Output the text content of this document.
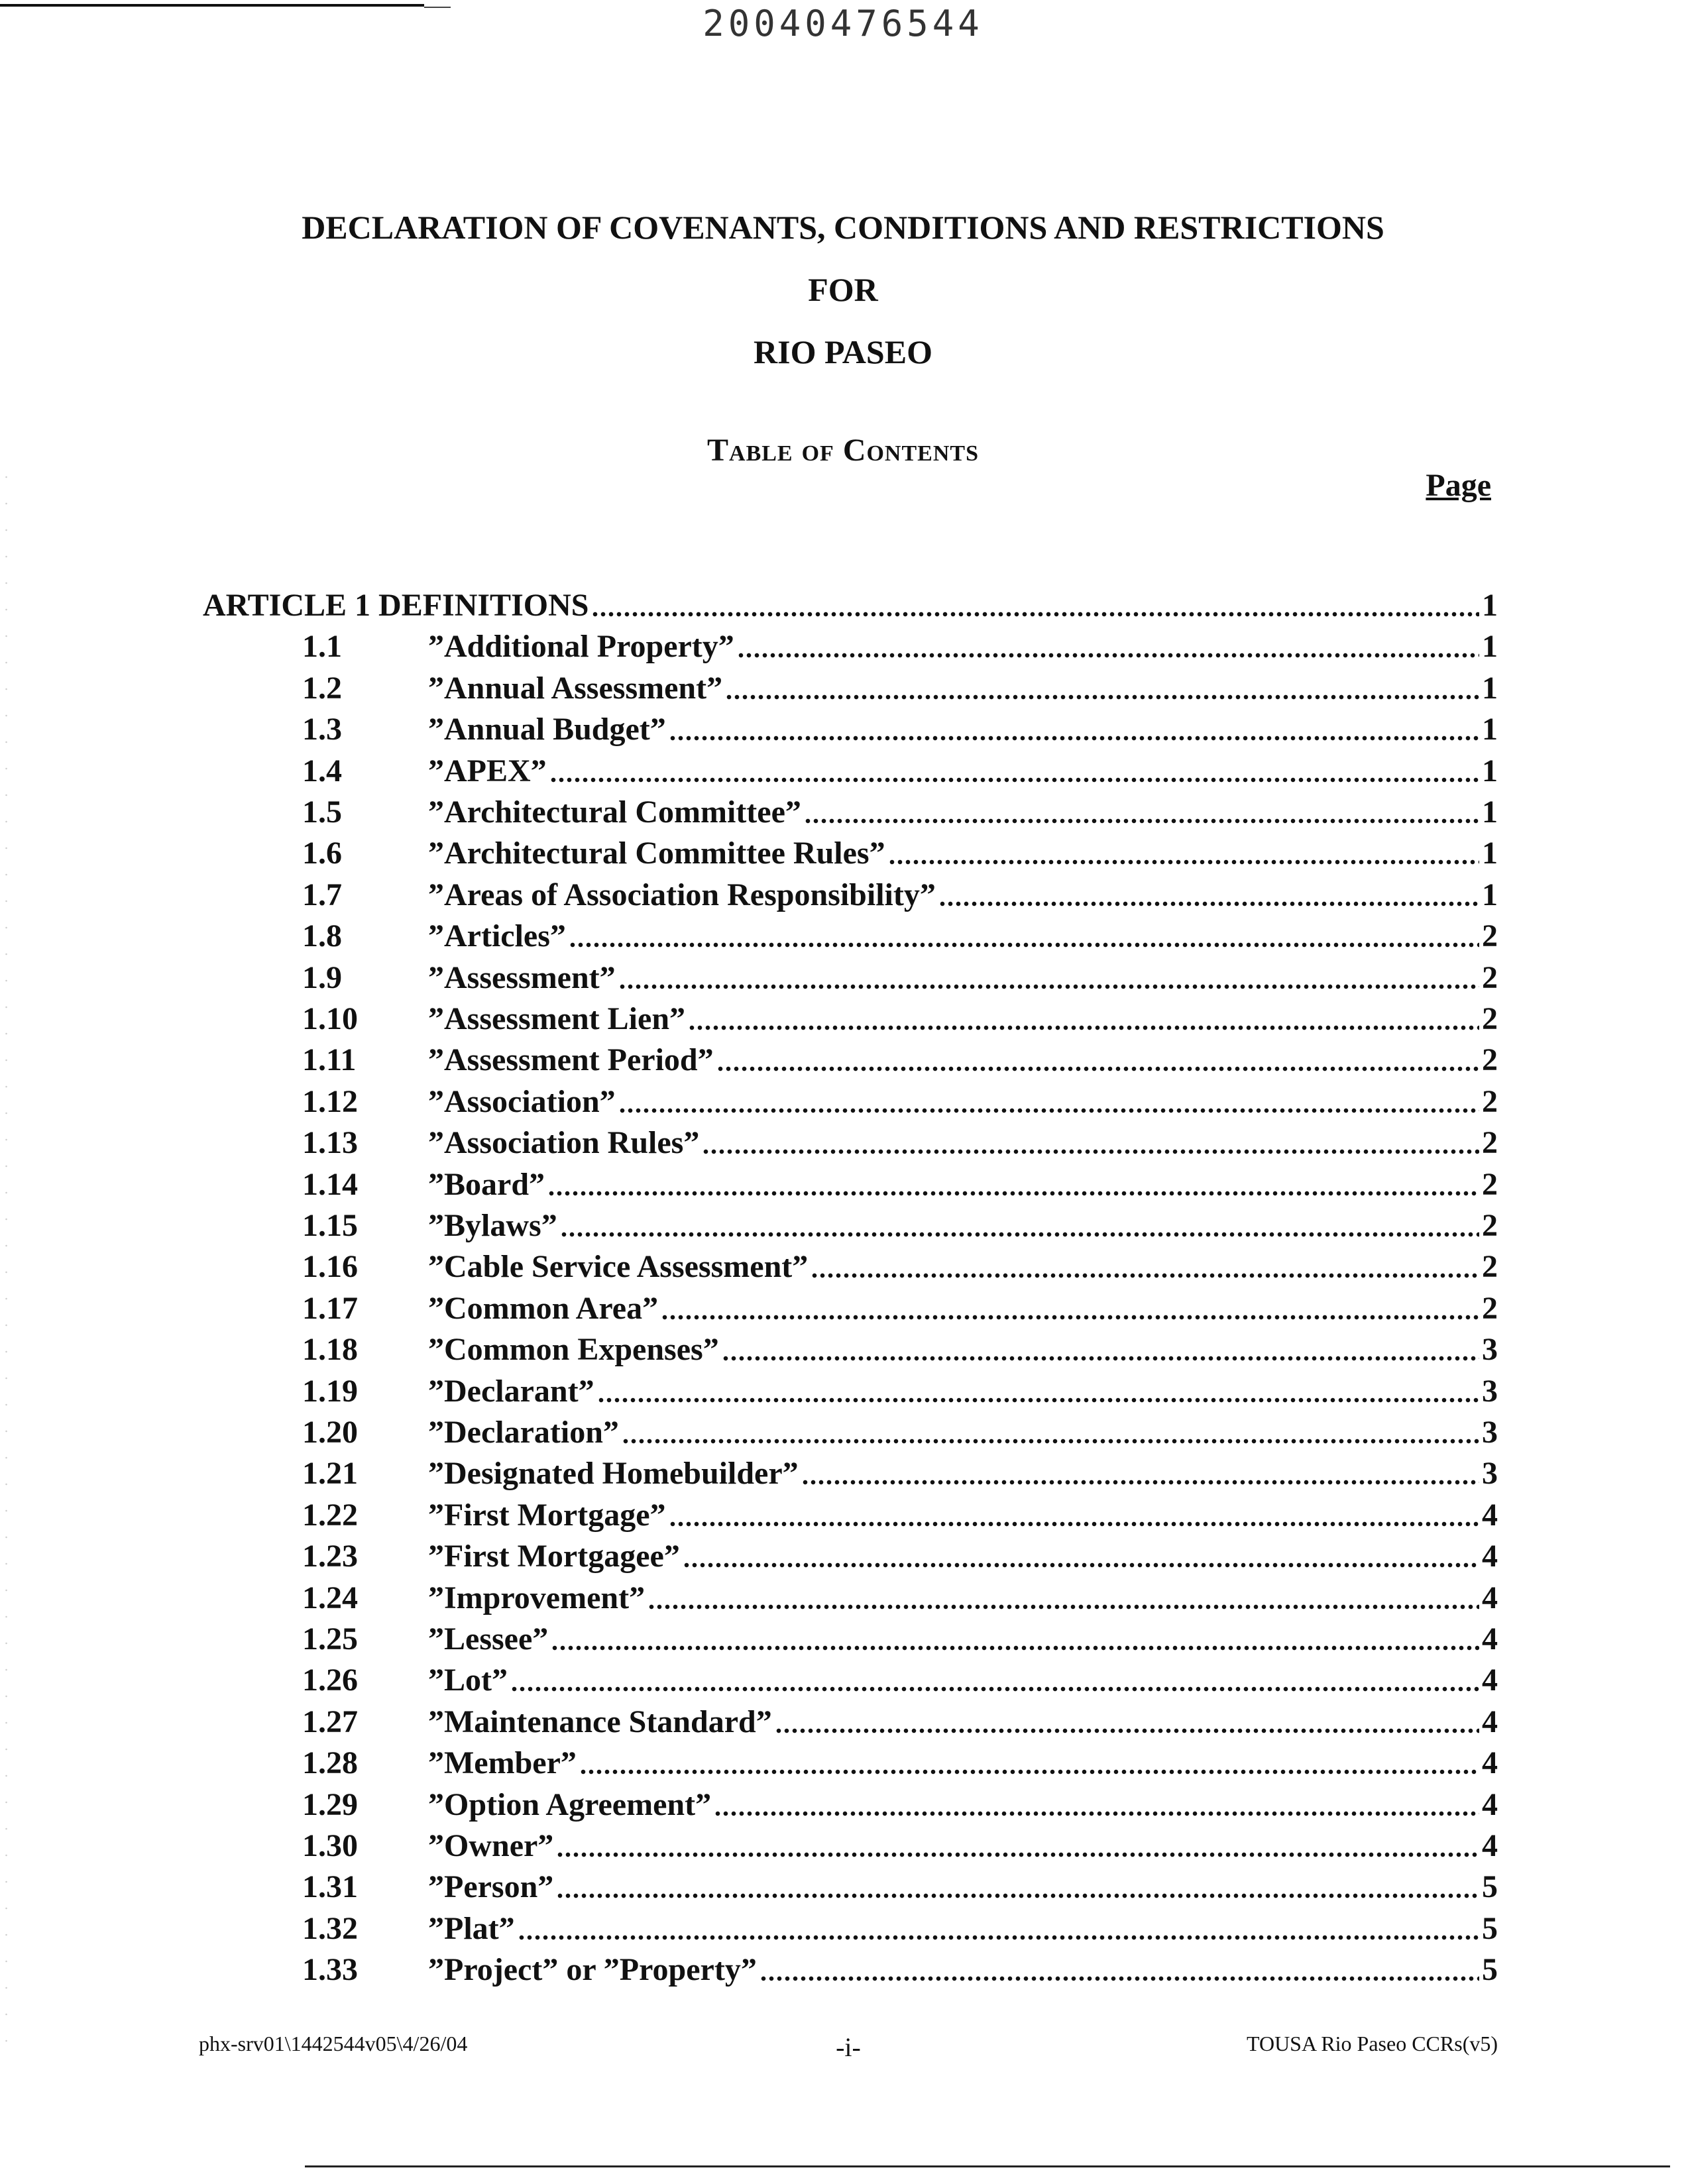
20040476544
DECLARATION OF COVENANTS, CONDITIONS AND RESTRICTIONS
FOR
RIO PASEO
Table of Contents
Page
ARTICLE 1 DEFINITIONS	1
1.1	”Additional Property”	1
1.2	”Annual Assessment”	1
1.3	”Annual Budget”	1
1.4	”APEX”	1
1.5	”Architectural Committee”	1
1.6	”Architectural Committee Rules”	1
1.7	”Areas of Association Responsibility”	1
1.8	”Articles”	2
1.9	”Assessment”	2
1.10	”Assessment Lien”	2
1.11	”Assessment Period”	2
1.12	”Association”	2
1.13	”Association Rules”	2
1.14	”Board”	2
1.15	”Bylaws”	2
1.16	”Cable Service Assessment”	2
1.17	”Common Area”	2
1.18	”Common Expenses”	3
1.19	”Declarant”	3
1.20	”Declaration”	3
1.21	”Designated Homebuilder”	3
1.22	”First Mortgage”	4
1.23	”First Mortgagee”	4
1.24	”Improvement”	4
1.25	”Lessee”	4
1.26	”Lot”	4
1.27	”Maintenance Standard”	4
1.28	”Member”	4
1.29	”Option Agreement”	4
1.30	”Owner”	4
1.31	”Person”	5
1.32	”Plat”	5
1.33	”Project” or ”Property”	5
phx-srv01\1442544v05\4/26/04	-i-	TOUSA Rio Paseo CCRs(v5)
